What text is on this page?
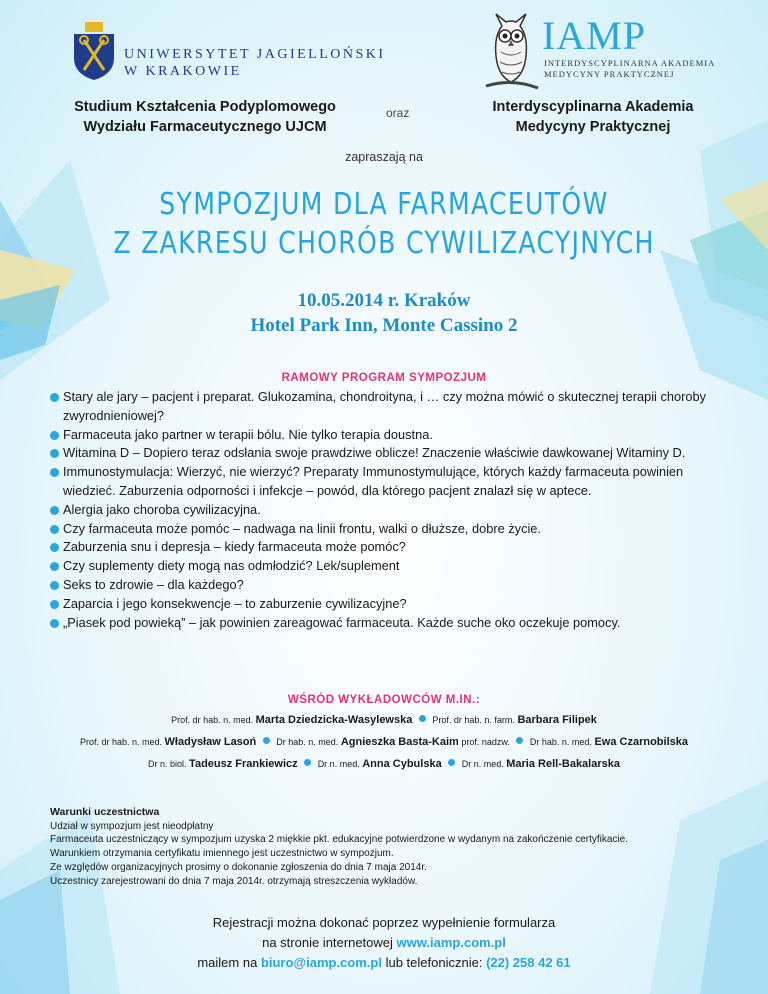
UNIWERSYTET JAGIELLOŃSKI
W KRAKOWIE
IAMP
INTERDYSCYPLINARNA AKADEMIA
MEDYCYNY PRAKTYCZNEJ
Studium Kształcenia Podyplomowego
Wydziału Farmaceutycznego UJCM
oraz	Interdyscyplinarna Akademia
Medycyny Praktycznej
zapraszają na
SYMPOZJUM DLA FARMACEUTÓW
Z ZAKRESU CHORÓB CYWILIZACYJNYCH
10.05.2014 r. Kraków
Hotel Park Inn, Monte Cassino 2
RAMOWY PROGRAM SYMPOZJUM
Stary ale jary – pacjent i preparat. Glukozamina, chondroityna, i … czy można mówić o skutecznej terapii choroby zwyrodnieniowej?
Farmaceuta jako partner w terapii bólu. Nie tylko terapia doustna.
Witamina D – Dopiero teraz odsłania swoje prawdziwe oblicze! Znaczenie właściwie dawkowanej Witaminy D.
Immunostymulacja: Wierzyć, nie wierzyć? Preparaty Immunostymulujące, których każdy farmaceuta powinien wiedzieć. Zaburzenia odporności i infekcje – powód, dla którego pacjent znalazł się w aptece.
Alergia jako choroba cywilizacyjna.
Czy farmaceuta może pomóc – nadwaga na linii frontu, walki o dłuższe, dobre życie.
Zaburzenia snu i depresja – kiedy farmaceuta może pomóc?
Czy suplementy diety mogą nas odmłodzić? Lek/suplement
Seks to zdrowie – dla każdego?
Zaparcia i jego konsekwencje – to zaburzenie cywilizacyjne?
„Piasek pod powieką” – jak powinien zareagować farmaceuta. Każde suche oko oczekuje pomocy.
WŚRÓD WYKŁADOWCÓW M.IN.:
Prof. dr hab. n. med. Marta Dziedzicka-Wasylewska Prof. dr hab. n. farm. Barbara Filipek
Prof. dr hab. n. med. Władysław Lasoń Dr hab. n. med. Agnieszka Basta-Kaim prof. nadzw. Dr hab. n. med. Ewa Czarnobilska
Dr n. biol. Tadeusz Frankiewicz Dr n. med. Anna Cybulska Dr n. med. Maria Rell-Bakalarska
Warunki uczestnictwa
Udział w sympozjum jest nieodpłatny
Farmaceuta uczestniczący w sympozjum uzyska 2 miękkie pkt. edukacyjne potwierdzone w wydanym na zakończenie certyfikacie.
Warunkiem otrzymania certyfikatu imiennego jest uczestnictwo w sympozjum.
Ze względów organizacyjnych prosimy o dokonanie zgłoszenia do dnia 7 maja 2014r.
Uczestnicy zarejestrowani do dnia 7 maja 2014r. otrzymają streszczenia wykładów.
Rejestracji można dokonać poprzez wypełnienie formularza
na stronie internetowej www.iamp.com.pl
mailem na biuro@iamp.com.pl lub telefonicznie: (22) 258 42 61
